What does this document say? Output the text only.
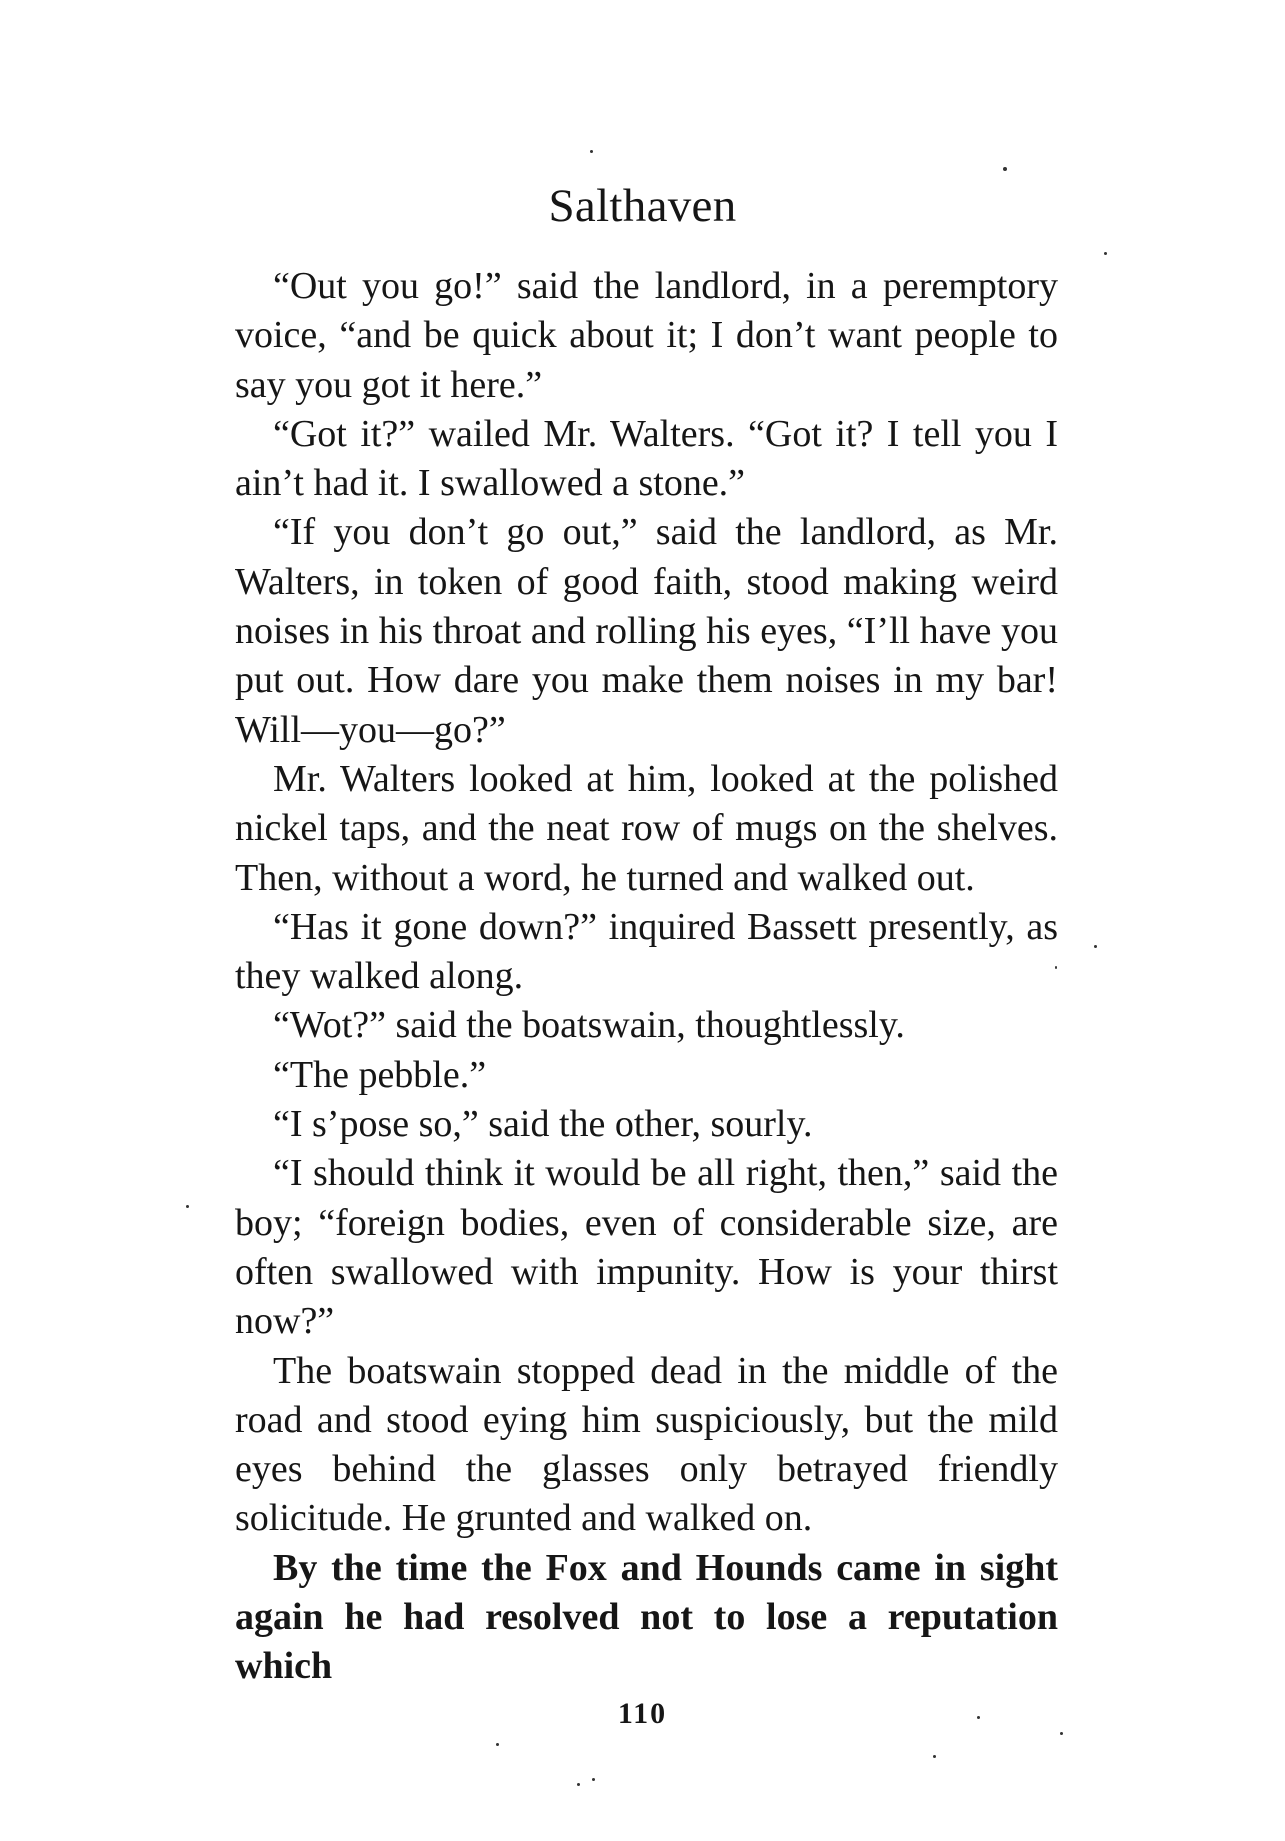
Salthaven

“Out you go!” said the landlord, in a peremptory voice, “and be quick about it; I don’t want people to say you got it here.”

“Got it?” wailed Mr. Walters. “Got it? I tell you I ain’t had it. I swallowed a stone.”

“If you don’t go out,” said the landlord, as Mr. Walters, in token of good faith, stood making weird noises in his throat and rolling his eyes, “I’ll have you put out. How dare you make them noises in my bar! Will—you—go?”

Mr. Walters looked at him, looked at the polished nickel taps, and the neat row of mugs on the shelves. Then, without a word, he turned and walked out.

“Has it gone down?” inquired Bassett presently, as they walked along.

“Wot?” said the boatswain, thoughtlessly.

“The pebble.”

“I s’pose so,” said the other, sourly.

“I should think it would be all right, then,” said the boy; “foreign bodies, even of considerable size, are often swallowed with impunity. How is your thirst now?”

The boatswain stopped dead in the middle of the road and stood eying him suspiciously, but the mild eyes behind the glasses only betrayed friendly solicitude. He grunted and walked on.

By the time the Fox and Hounds came in sight again he had resolved not to lose a reputation which

110
